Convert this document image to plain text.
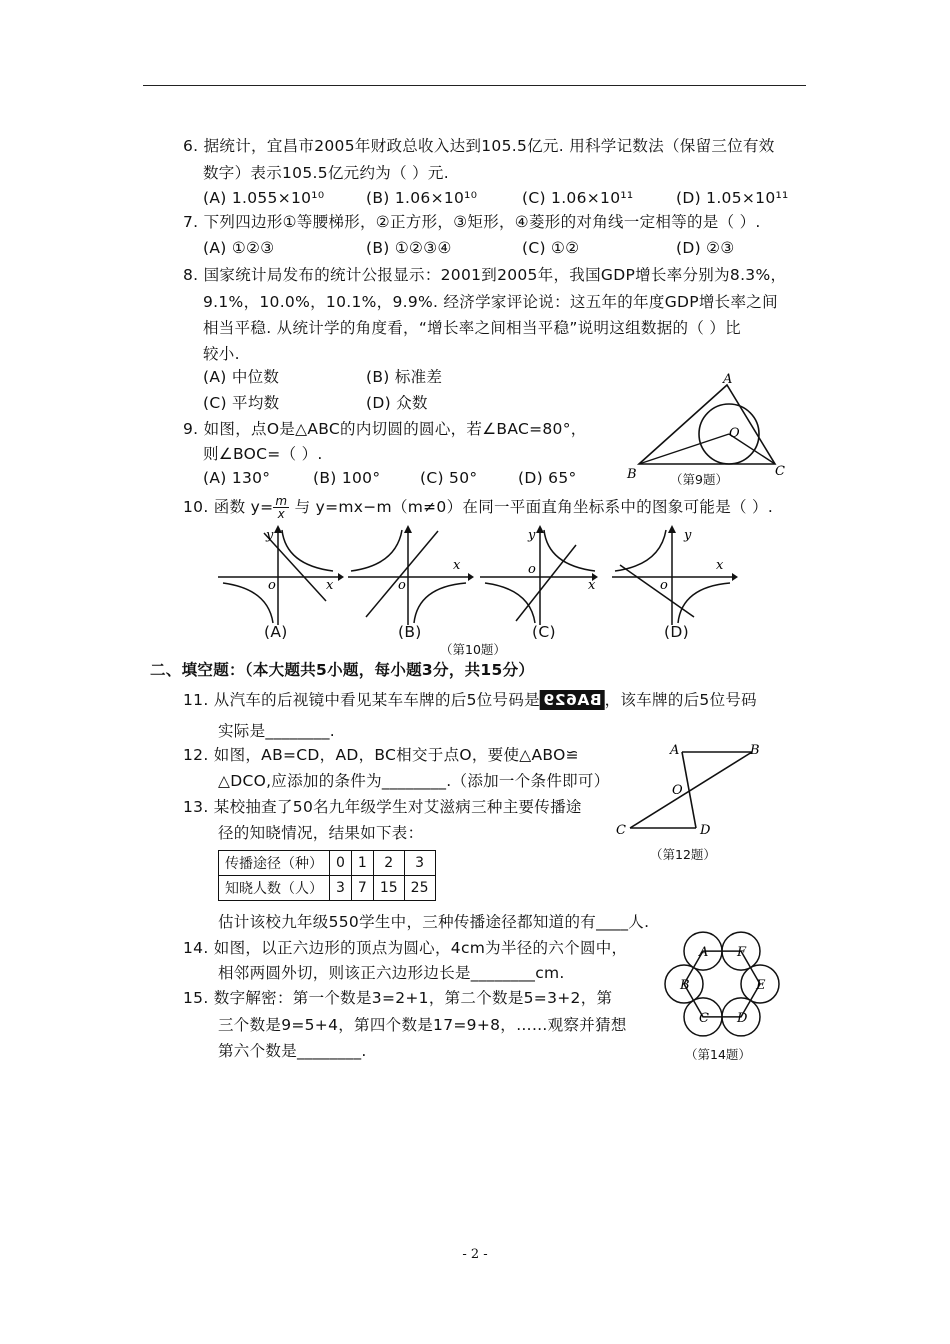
6. 据统计，宜昌市2005年财政总收入达到105.5亿元. 用科学记数法（保留三位有效
数字）表示105.5亿元约为（ ）元.
(A) 1.055×10¹⁰	(B) 1.06×10¹⁰	(C) 1.06×10¹¹	(D) 1.05×10¹¹
7. 下列四边形①等腰梯形，②正方形，③矩形，④菱形的对角线一定相等的是（ ）.
(A) ①②③	(B) ①②③④	(C) ①②	(D) ②③
8. 国家统计局发布的统计公报显示：2001到2005年，我国GDP增长率分别为8.3%，
9.1%，10.0%，10.1%，9.9%. 经济学家评论说：这五年的年度GDP增长率之间
相当平稳. 从统计学的角度看，“增长率之间相当平稳”说明这组数据的（ ）比
较小.
(A) 中位数	(B) 标准差
(C) 平均数	(D) 众数
9. 如图，点O是△ABC的内切圆的圆心，若∠BAC=80°，
则∠BOC=（ ）.
(A) 130°	(B) 100°	(C) 50°	(D) 65°
A
B	C
O
（第9题）
10. 函数 $y= \frac{m}{x}$ 与 y=mx−m（m≠0）在同一平面直角坐标系中的图象可能是（ ）.
y
o	x
x
o
y
o
x
y
o
x
(A)	(B)	(C)	(D)
（第10题）
二、填空题：（本大题共5小题，每小题3分，共15分）
11. 从汽车的后视镜中看见某车车牌的后5位号码是 BA629 ，该车牌的后5位号码
实际是________.
12. 如图，AB=CD，AD，BC相交于点O，要使△ABO≌
△DCO,应添加的条件为________.（添加一个条件即可）
A	B
C	D
O
（第12题）
13. 某校抽查了50名九年级学生对艾滋病三种主要传播途
径的知晓情况，结果如下表：
传播途径（种）	0	1	2	3
知晓人数（人）	3	7	15	25
估计该校九年级550学生中，三种传播途径都知道的有____人.
14. 如图，以正六边形的顶点为圆心，4cm为半径的六个圆中，
相邻两圆外切，则该正六边形边长是________cm.
A F
E
D
C
B
（第14题）
15. 数字解密：第一个数是3=2+1，第二个数是5=3+2，第
三个数是9=5+4，第四个数是17=9+8，……观察并猜想
第六个数是________.
- 2 -
